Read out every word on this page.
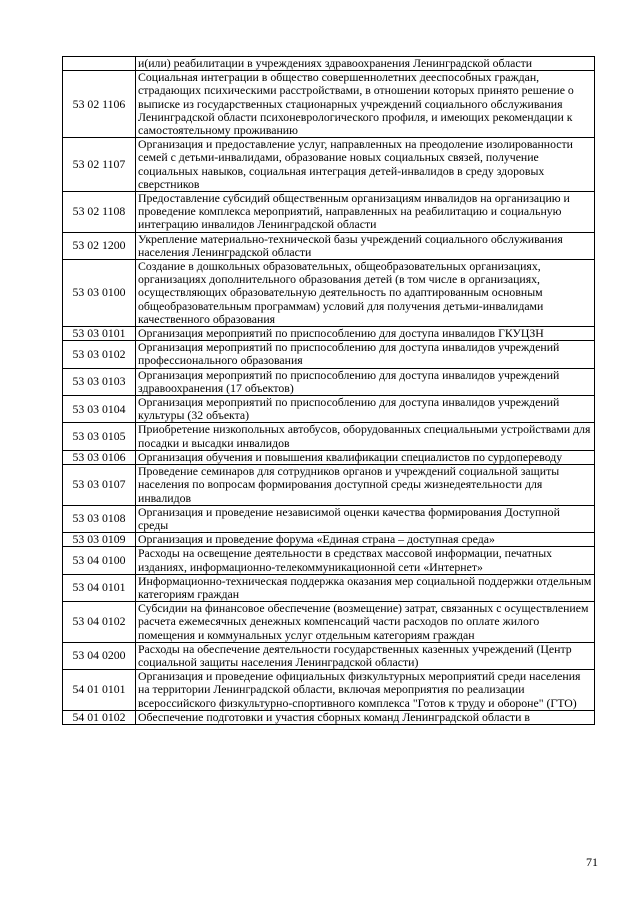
	и(или) реабилитации в учреждениях здравоохранения Ленинградской области
53 02 1106	Социальная интеграции в общество совершеннолетних дееспособных граждан, страдающих психическими расстройствами, в отношении которых принято решение о выписке из государственных стационарных учреждений социального обслуживания Ленинградской области психоневрологического профиля, и имеющих рекомендации к самостоятельному проживанию
53 02 1107	Организация и предоставление услуг, направленных на преодоление изолированности семей с детьми-инвалидами, образование новых социальных связей, получение социальных навыков, социальная интеграция детей-инвалидов в среду здоровых сверстников
53 02 1108	Предоставление субсидий общественным организациям инвалидов на организацию и проведение комплекса мероприятий, направленных на реабилитацию и социальную интеграцию инвалидов Ленинградской области
53 02 1200	Укрепление материально-технической базы учреждений социального обслуживания населения Ленинградской области
53 03 0100	Создание в дошкольных образовательных, общеобразовательных организациях, организациях дополнительного образования детей (в том числе в организациях, осуществляющих образовательную деятельность по адаптированным основным общеобразовательным программам) условий для получения детьми-инвалидами качественного образования
53 03 0101	Организация мероприятий по приспособлению для доступа инвалидов ГКУЦЗН
53 03 0102	Организация мероприятий по приспособлению для доступа инвалидов учреждений профессионального образования
53 03 0103	Организация мероприятий по приспособлению для доступа инвалидов учреждений здравоохранения (17 объектов)
53 03 0104	Организация мероприятий по приспособлению для доступа инвалидов учреждений культуры (32 объекта)
53 03 0105	Приобретение низкопольных автобусов, оборудованных специальными устройствами для посадки и высадки инвалидов
53 03 0106	Организация обучения и повышения квалификации специалистов по сурдопереводу
53 03 0107	Проведение семинаров для сотрудников органов и учреждений социальной защиты населения по вопросам формирования доступной среды жизнедеятельности для инвалидов
53 03 0108	Организация и проведение независимой оценки качества формирования Доступной среды
53 03 0109	Организация и проведение форума «Единая страна – доступная среда»
53 04 0100	Расходы на освещение деятельности в средствах массовой информации, печатных изданиях, информационно-телекоммуникационной сети «Интернет»
53 04 0101	Информационно-техническая поддержка оказания мер социальной поддержки отдельным категориям граждан
53 04 0102	Субсидии на финансовое обеспечение (возмещение) затрат, связанных с осуществлением расчета ежемесячных денежных компенсаций части расходов по оплате жилого помещения и коммунальных услуг отдельным категориям граждан
53 04 0200	Расходы на обеспечение деятельности государственных казенных учреждений (Центр социальной защиты населения Ленинградской области)
54 01 0101	Организация и проведение официальных физкультурных мероприятий среди населения на территории Ленинградской области, включая мероприятия по реализации всероссийского физкультурно-спортивного комплекса "Готов к труду и обороне" (ГТО)
54 01 0102	Обеспечение подготовки и участия сборных команд Ленинградской области в
71
